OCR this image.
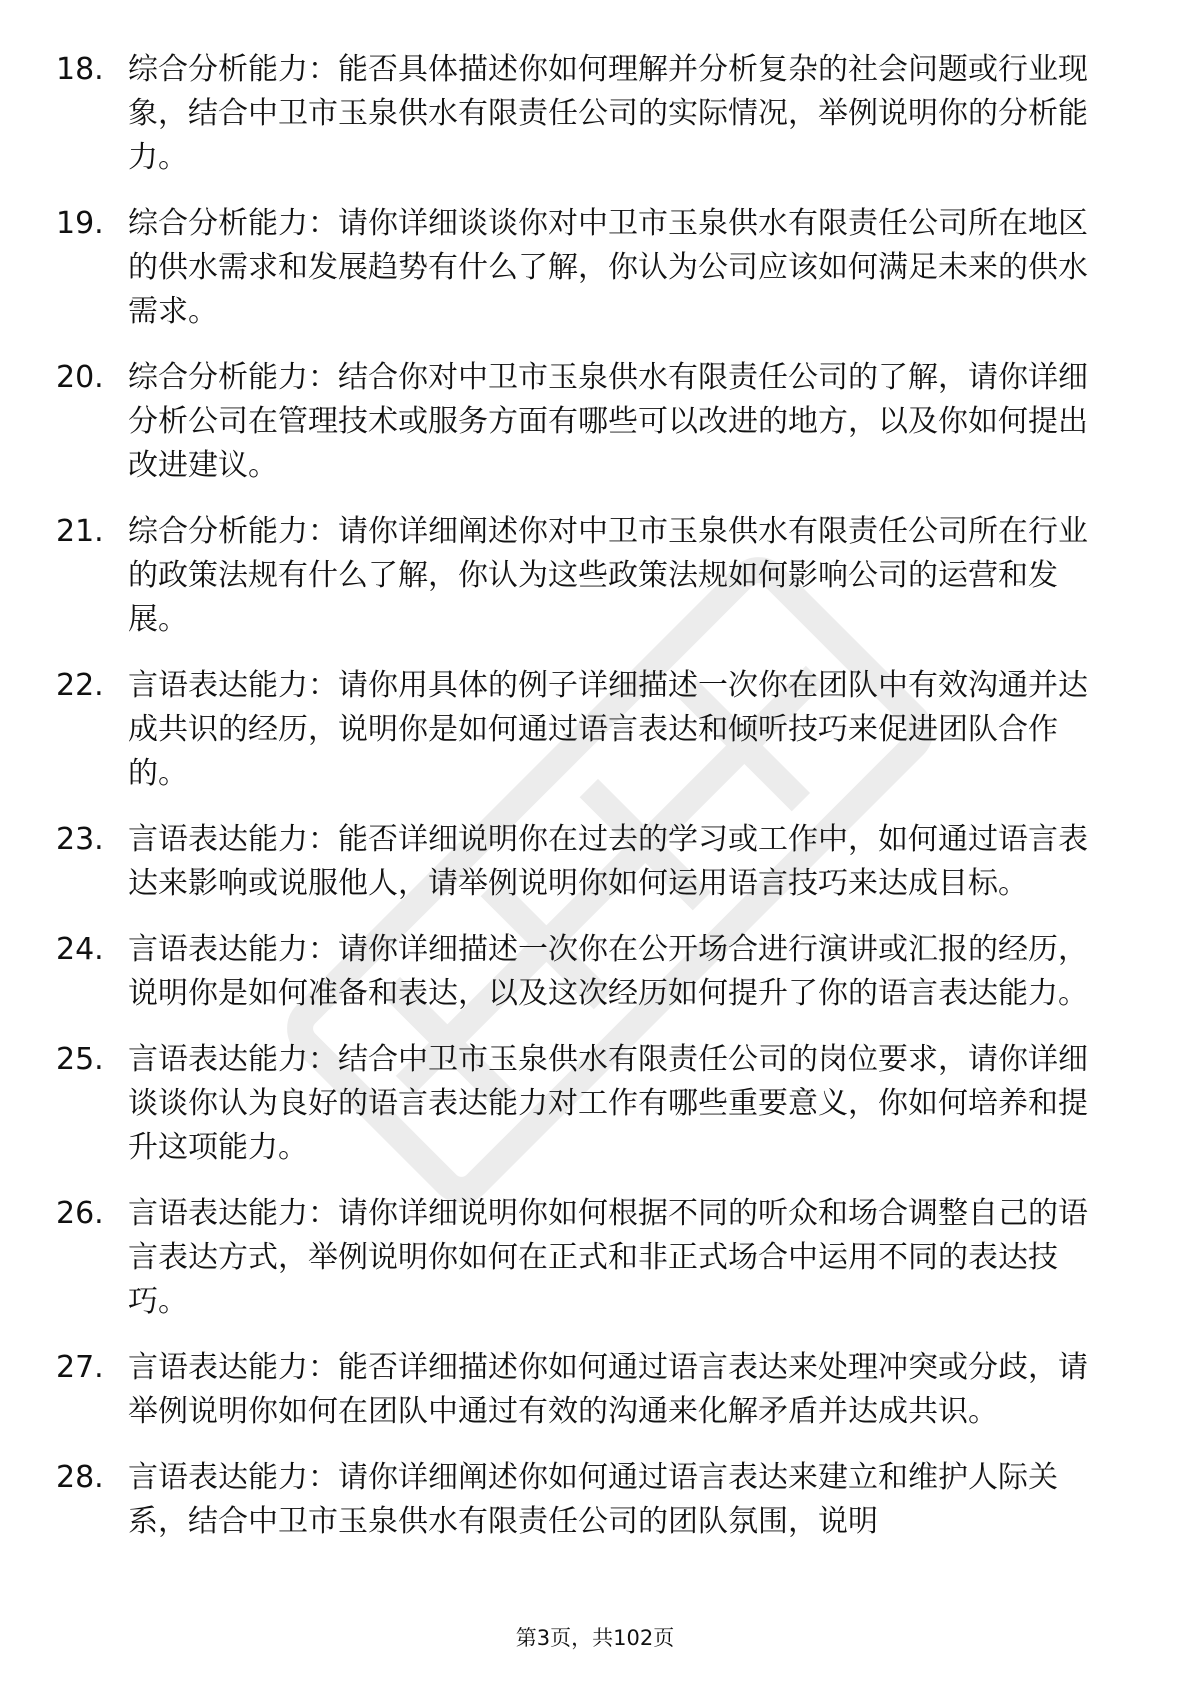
18. 综合分析能力：能否具体描述你如何理解并分析复杂的社会问题或行业现象，结合中卫市玉泉供水有限责任公司的实际情况，举例说明你的分析能力。
19. 综合分析能力：请你详细谈谈你对中卫市玉泉供水有限责任公司所在地区的供水需求和发展趋势有什么了解，你认为公司应该如何满足未来的供水需求。
20. 综合分析能力：结合你对中卫市玉泉供水有限责任公司的了解，请你详细分析公司在管理技术或服务方面有哪些可以改进的地方，以及你如何提出改进建议。
21. 综合分析能力：请你详细阐述你对中卫市玉泉供水有限责任公司所在行业的政策法规有什么了解，你认为这些政策法规如何影响公司的运营和发展。
22. 言语表达能力：请你用具体的例子详细描述一次你在团队中有效沟通并达成共识的经历，说明你是如何通过语言表达和倾听技巧来促进团队合作的。
23. 言语表达能力：能否详细说明你在过去的学习或工作中，如何通过语言表达来影响或说服他人，请举例说明你如何运用语言技巧来达成目标。
24. 言语表达能力：请你详细描述一次你在公开场合进行演讲或汇报的经历，说明你是如何准备和表达，以及这次经历如何提升了你的语言表达能力。
25. 言语表达能力：结合中卫市玉泉供水有限责任公司的岗位要求，请你详细谈谈你认为良好的语言表达能力对工作有哪些重要意义，你如何培养和提升这项能力。
26. 言语表达能力：请你详细说明你如何根据不同的听众和场合调整自己的语言表达方式，举例说明你如何在正式和非正式场合中运用不同的表达技巧。
27. 言语表达能力：能否详细描述你如何通过语言表达来处理冲突或分歧，请举例说明你如何在团队中通过有效的沟通来化解矛盾并达成共识。
28. 言语表达能力：请你详细阐述你如何通过语言表达来建立和维护人际关系，结合中卫市玉泉供水有限责任公司的团队氛围，说明
第3页，共102页
